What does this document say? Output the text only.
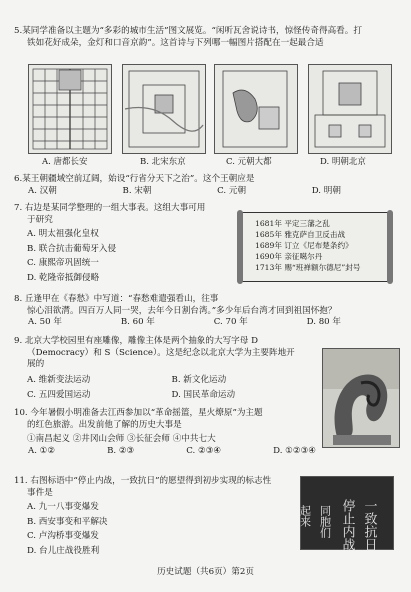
5.某同学准备以主题为“多彩的城市生活”图文展览。“闲听瓦舍说诗书，惊怪传奇得高看。打

铁如花好成朵，金灯和口音京韵”。这首诗与下列哪一幅图片搭配在一起最合适

A. 唐都长安	B. 北宋东京	C. 元朝大都	D. 明朝北京

6.某王朝疆域空前辽阔，始设“行省分天下之治”。这个王朝应是

A. 汉朝	B. 宋朝	C. 元朝	D. 明朝

7. 右边是某同学整理的一组大事表。这组大事可用

于研究

A. 明太祖强化皇权

B. 联合抗击葡萄牙入侵

C. 康熙帝巩固统一

D. 乾隆帝抵御侵略

1681年 平定三藩之乱
1685年 雅克萨自卫反击战
1689年 订立《尼布楚条约》
1690年 亲征噶尔丹
1713年 赐“班禅额尔德尼”封号

8. 丘逢甲在《春愁》中写道：“春愁难遣强看山，往事

惊心泪欲潸。四百万人同一哭，去年今日割台湾。”多少年后台湾才回到祖国怀抱？

A. 50 年	B. 60 年	C. 70 年	D. 80 年

9. 北京大学校园里有座雕像，雕像主体是两个抽象的大写字母 D

（Democracy）和 S（Science）。这是纪念以北京大学为主要阵地开

展的

A. 维新变法运动	B. 新文化运动
C. 五四爱国运动	D. 国民革命运动

10. 今年暑假小明准备去江西参加以“革命摇篮，星火燎原”为主题

的红色旅游。出发前他了解的历史大事是

①南昌起义 ②井冈山会师 ③长征会师 ④中共七大

A. ①②	B. ②③	C. ②③④	D. ①②③④

11. 右图标语中“停止内战，一致抗日”的愿望得到初步实现的标志性

事件是

A. 九一八事变爆发

B. 西安事变和平解决

C. 卢沟桥事变爆发

D. 台儿庄战役胜利	一致抗日
停止内战
同胞们
起来
历史试题（共6页）第2页
